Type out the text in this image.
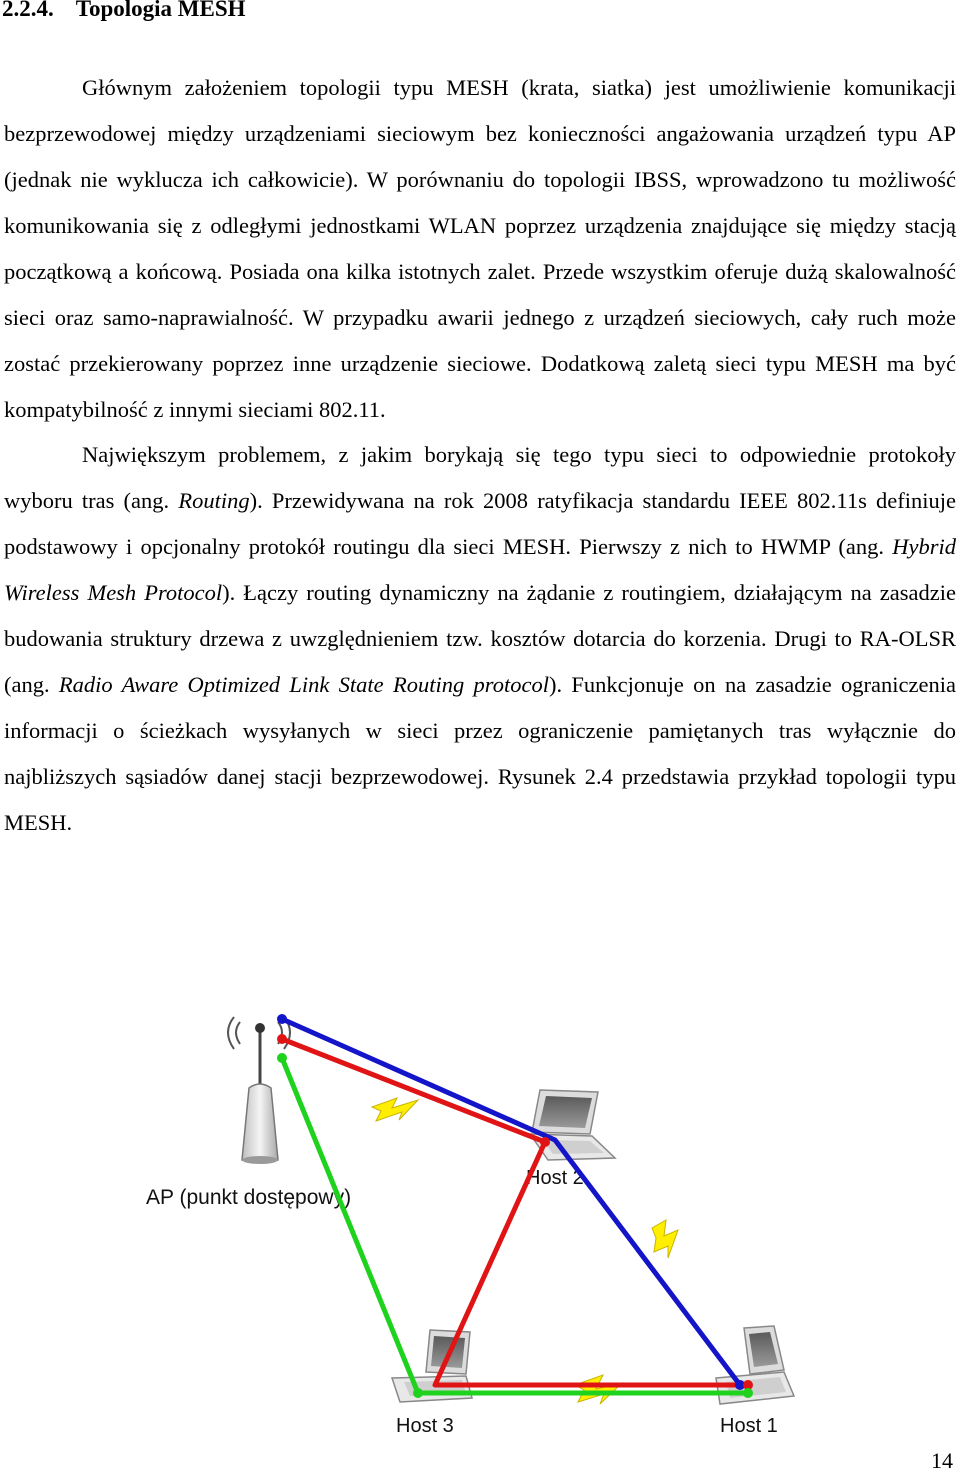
2.2.4. Topologia MESH

Głównym założeniem topologii typu MESH (krata, siatka) jest umożliwienie komunikacji bezprzewodowej między urządzeniami sieciowym bez konieczności angażowania urządzeń typu AP (jednak nie wyklucza ich całkowicie). W porównaniu do topologii IBSS, wprowadzono tu możliwość komunikowania się z odległymi jednostkami WLAN poprzez urządzenia znajdujące się między stacją początkową a końcową. Posiada ona kilka istotnych zalet. Przede wszystkim oferuje dużą skalowalność sieci oraz samo-naprawialność. W przypadku awarii jednego z urządzeń sieciowych, cały ruch może zostać przekierowany poprzez inne urządzenie sieciowe. Dodatkową zaletą sieci typu MESH ma być kompatybilność z innymi sieciami 802.11.

Największym problemem, z jakim borykają się tego typu sieci to odpowiednie protokoły wyboru tras (ang. Routing). Przewidywana na rok 2008 ratyfikacja standardu IEEE 802.11s definiuje podstawowy i opcjonalny protokół routingu dla sieci MESH. Pierwszy z nich to HWMP (ang. Hybrid Wireless Mesh Protocol). Łączy routing dynamiczny na żądanie z routingiem, działającym na zasadzie budowania struktury drzewa z uwzględnieniem tzw. kosztów dotarcia do korzenia. Drugi to RA-OLSR (ang. Radio Aware Optimized Link State Routing protocol). Funkcjonuje on na zasadzie ograniczenia informacji o ścieżkach wysyłanych w sieci przez ograniczenie pamiętanych tras wyłącznie do najbliższych sąsiadów danej stacji bezprzewodowej. Rysunek 2.4 przedstawia przykład topologii typu MESH.

AP (punkt dostępowy)
Host 2
Host 3	Host 1
14
